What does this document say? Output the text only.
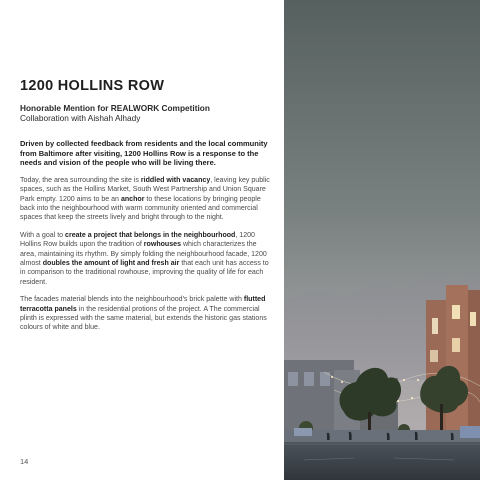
1200 HOLLINS ROW

Honorable Mention for REALWORK Competition
Collaboration with Aishah Alhady

Driven by collected feedback from residents and the local community from Baltimore after visiting, 1200 Hollins Row is a response to the needs and vision of the people who will be living there.

Today, the area surrounding the site is riddled with vacancy, leaving key public spaces, such as the Hollins Market, South West Partnership and Union Square Park empty. 1200 aims to be an anchor to these locations by bringing people back into the neighbourhood with warm community oriented and commercial spaces that keep the streets lively and bright through to the night.

With a goal to create a project that belongs in the neighbourhood, 1200 Hollins Row builds upon the tradition of rowhouses which characterizes the area, maintaining its rhythm. By simply folding the neighbourhood facade, 1200 almost doubles the amount of light and fresh air that each unit has access to in comparison to the traditional rowhouse, improving the quality of life for each resident.

The facades material blends into the neighbourhood's brick palette with flutted terracotta panels in the residential protions of the project. A The commercial plinth is expressed with the same material, but extends the historic gas stations colours of white and blue.

14
